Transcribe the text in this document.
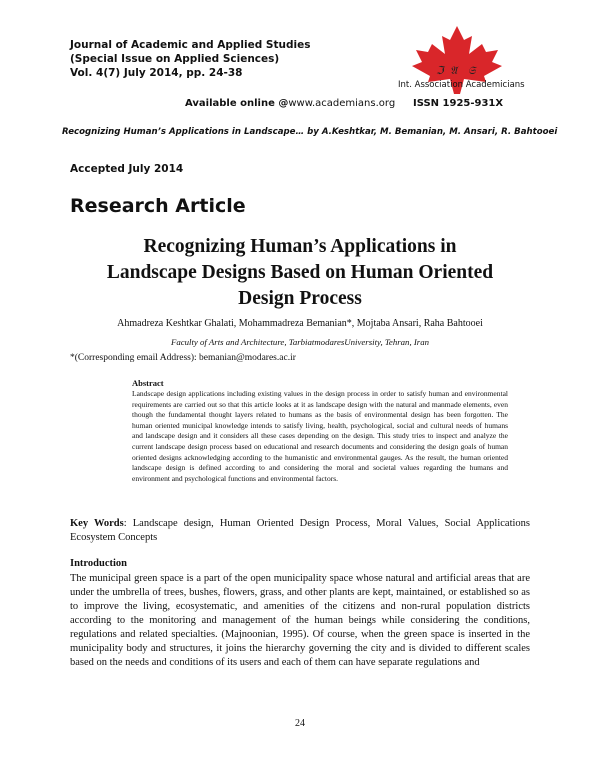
Journal of Academic and Applied Studies
(Special Issue on Applied Sciences)
Vol. 4(7) July 2014, pp. 24-38	ℑ 𝔄 𝔖
Int. Association Academicians
Available online @www.academians.org ISSN 1925-931X
Recognizing Human’s Applications in Landscape… by A.Keshtkar, M. Bemanian, M. Ansari, R. Bahtooei
Accepted July 2014
Research Article
Recognizing Human’s Applications in
Landscape Designs Based on Human Oriented
Design Process
Ahmadreza Keshtkar Ghalati, Mohammadreza Bemanian*, Mojtaba Ansari, Raha Bahtooei
Faculty of Arts and Architecture, TarbiatmodaresUniversity, Tehran, Iran
*(Corresponding email Address): bemanian@modares.ac.ir
Abstract
Landscape design applications including existing values in the design process in order to satisfy human and environmental requirements are carried out so that this article looks at it as landscape design with the natural and manmade elements, even though the fundamental thought layers related to humans as the basis of environmental design has been forgotten. The human oriented municipal knowledge intends to satisfy living, health, psychological, social and cultural needs of humans and landscape design and it considers all these cases depending on the design. This study tries to inspect and analyze the current landscape design process based on educational and research documents and considering the design goals of human oriented designs acknowledging according to the humanistic and environmental gauges. As the result, the human oriented landscape design is defined according to and considering the moral and societal values regarding the humans and environment and psychological functions and environmental factors.
Key Words: Landscape design, Human Oriented Design Process, Moral Values, Social Applications Ecosystem Concepts
Introduction
The municipal green space is a part of the open municipality space whose natural and artificial areas that are under the umbrella of trees, bushes, flowers, grass, and other plants are kept, maintained, or established so as to improve the living, ecosystematic, and amenities of the citizens and non-rural population districts according to the monitoring and management of the human beings while considering the conditions, regulations and related specialties. (Majnoonian, 1995). Of course, when the green space is inserted in the municipality body and structures, it joins the hierarchy governing the city and is divided to different scales based on the needs and conditions of its users and each of them can have separate regulations and
24
